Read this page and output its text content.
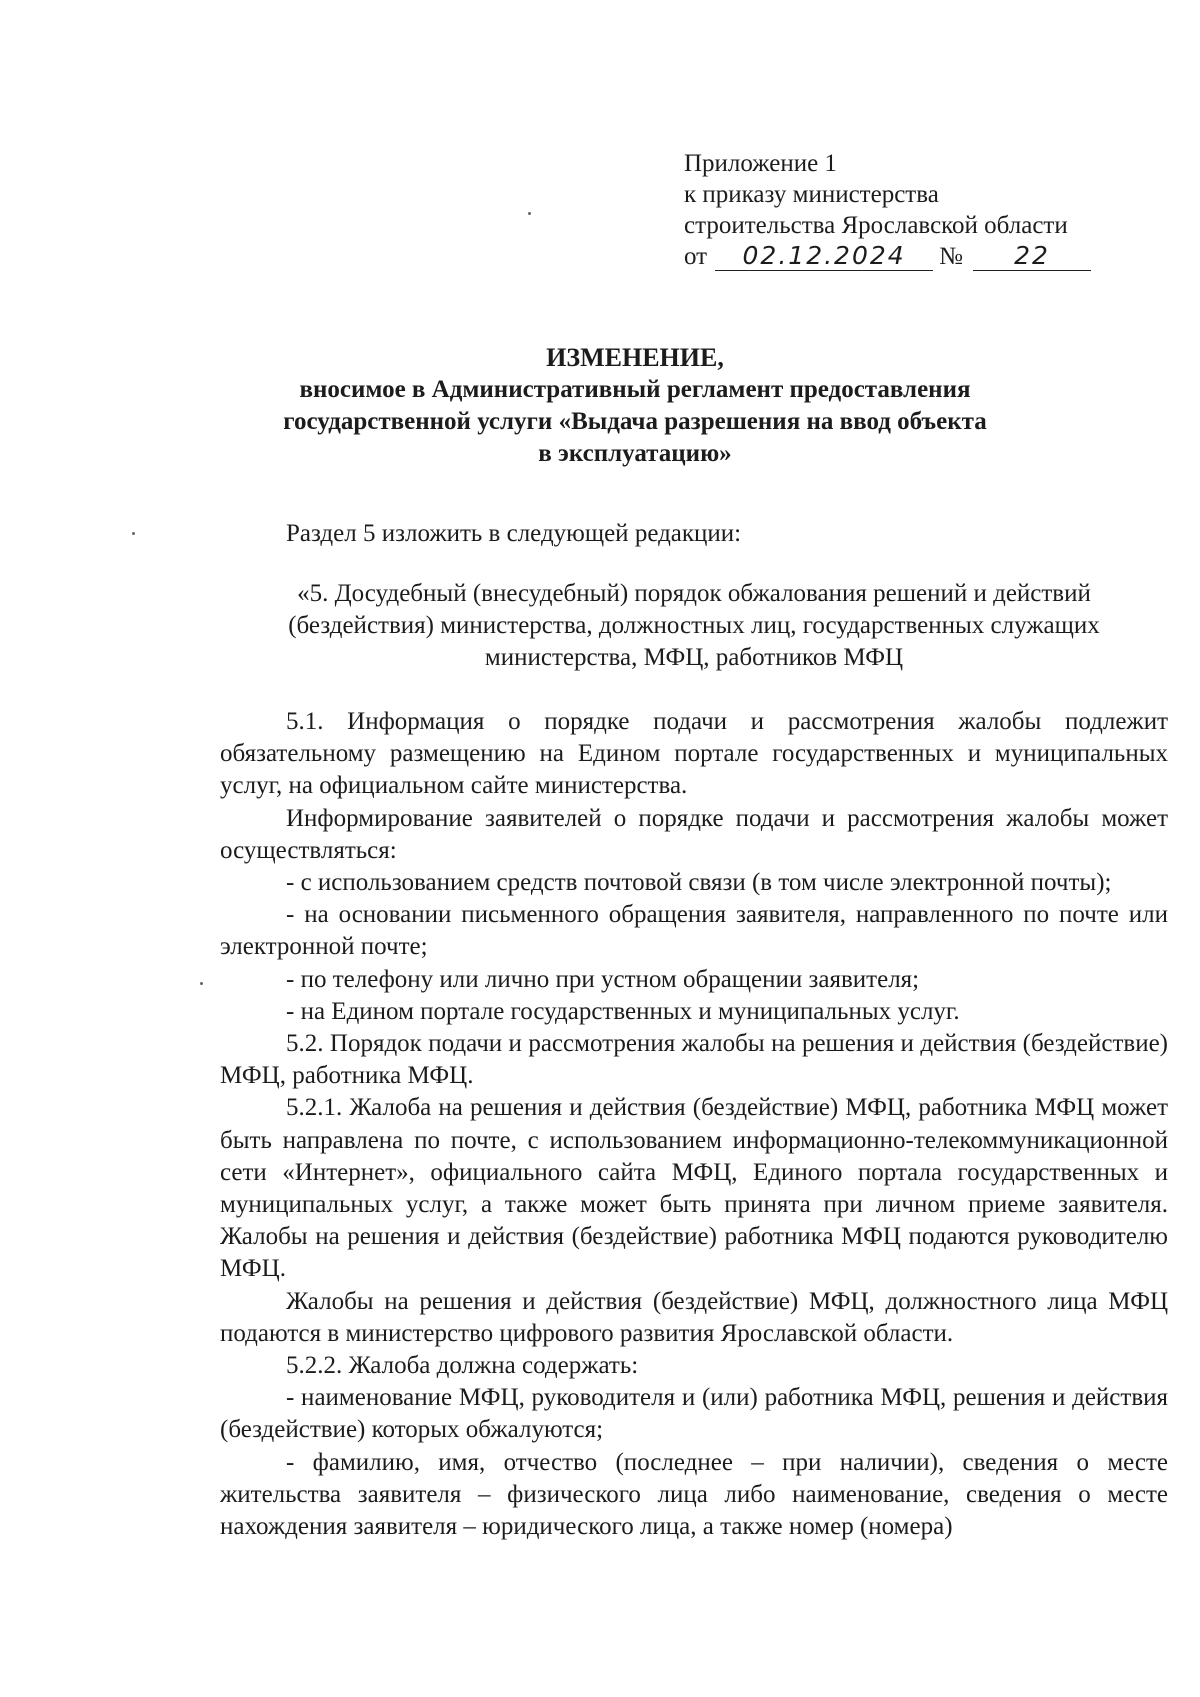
Приложение 1
к приказу министерства
строительства Ярославской области
от 02.12.2024 № 22
ИЗМЕНЕНИЕ,
вносимое в Административный регламент предоставления
государственной услуги «Выдача разрешения на ввод объекта
в эксплуатацию»
Раздел 5 изложить в следующей редакции:
«5. Досудебный (внесудебный) порядок обжалования решений и действий
(бездействия) министерства, должностных лиц, государственных служащих
министерства, МФЦ, работников МФЦ

5.1. Информация о порядке подачи и рассмотрения жалобы подлежит обязательному размещению на Едином портале государственных и муниципальных услуг, на официальном сайте министерства.

Информирование заявителей о порядке подачи и рассмотрения жалобы может осуществляться:

- с использованием средств почтовой связи (в том числе электронной почты);

- на основании письменного обращения заявителя, направленного по почте или электронной почте;

- по телефону или лично при устном обращении заявителя;

- на Едином портале государственных и муниципальных услуг.

5.2. Порядок подачи и рассмотрения жалобы на решения и действия (бездействие) МФЦ, работника МФЦ.

5.2.1. Жалоба на решения и действия (бездействие) МФЦ, работника МФЦ может быть направлена по почте, с использованием информационно-телекоммуникационной сети «Интернет», официального сайта МФЦ, Единого портала государственных и муниципальных услуг, а также может быть принята при личном приеме заявителя. Жалобы на решения и действия (бездействие) работника МФЦ подаются руководителю МФЦ.

Жалобы на решения и действия (бездействие) МФЦ, должностного лица МФЦ подаются в министерство цифрового развития Ярославской области.

5.2.2. Жалоба должна содержать:

- наименование МФЦ, руководителя и (или) работника МФЦ, решения и действия (бездействие) которых обжалуются;

- фамилию, имя, отчество (последнее – при наличии), сведения о месте жительства заявителя – физического лица либо наименование, сведения о месте нахождения заявителя – юридического лица, а также номер (номера)
